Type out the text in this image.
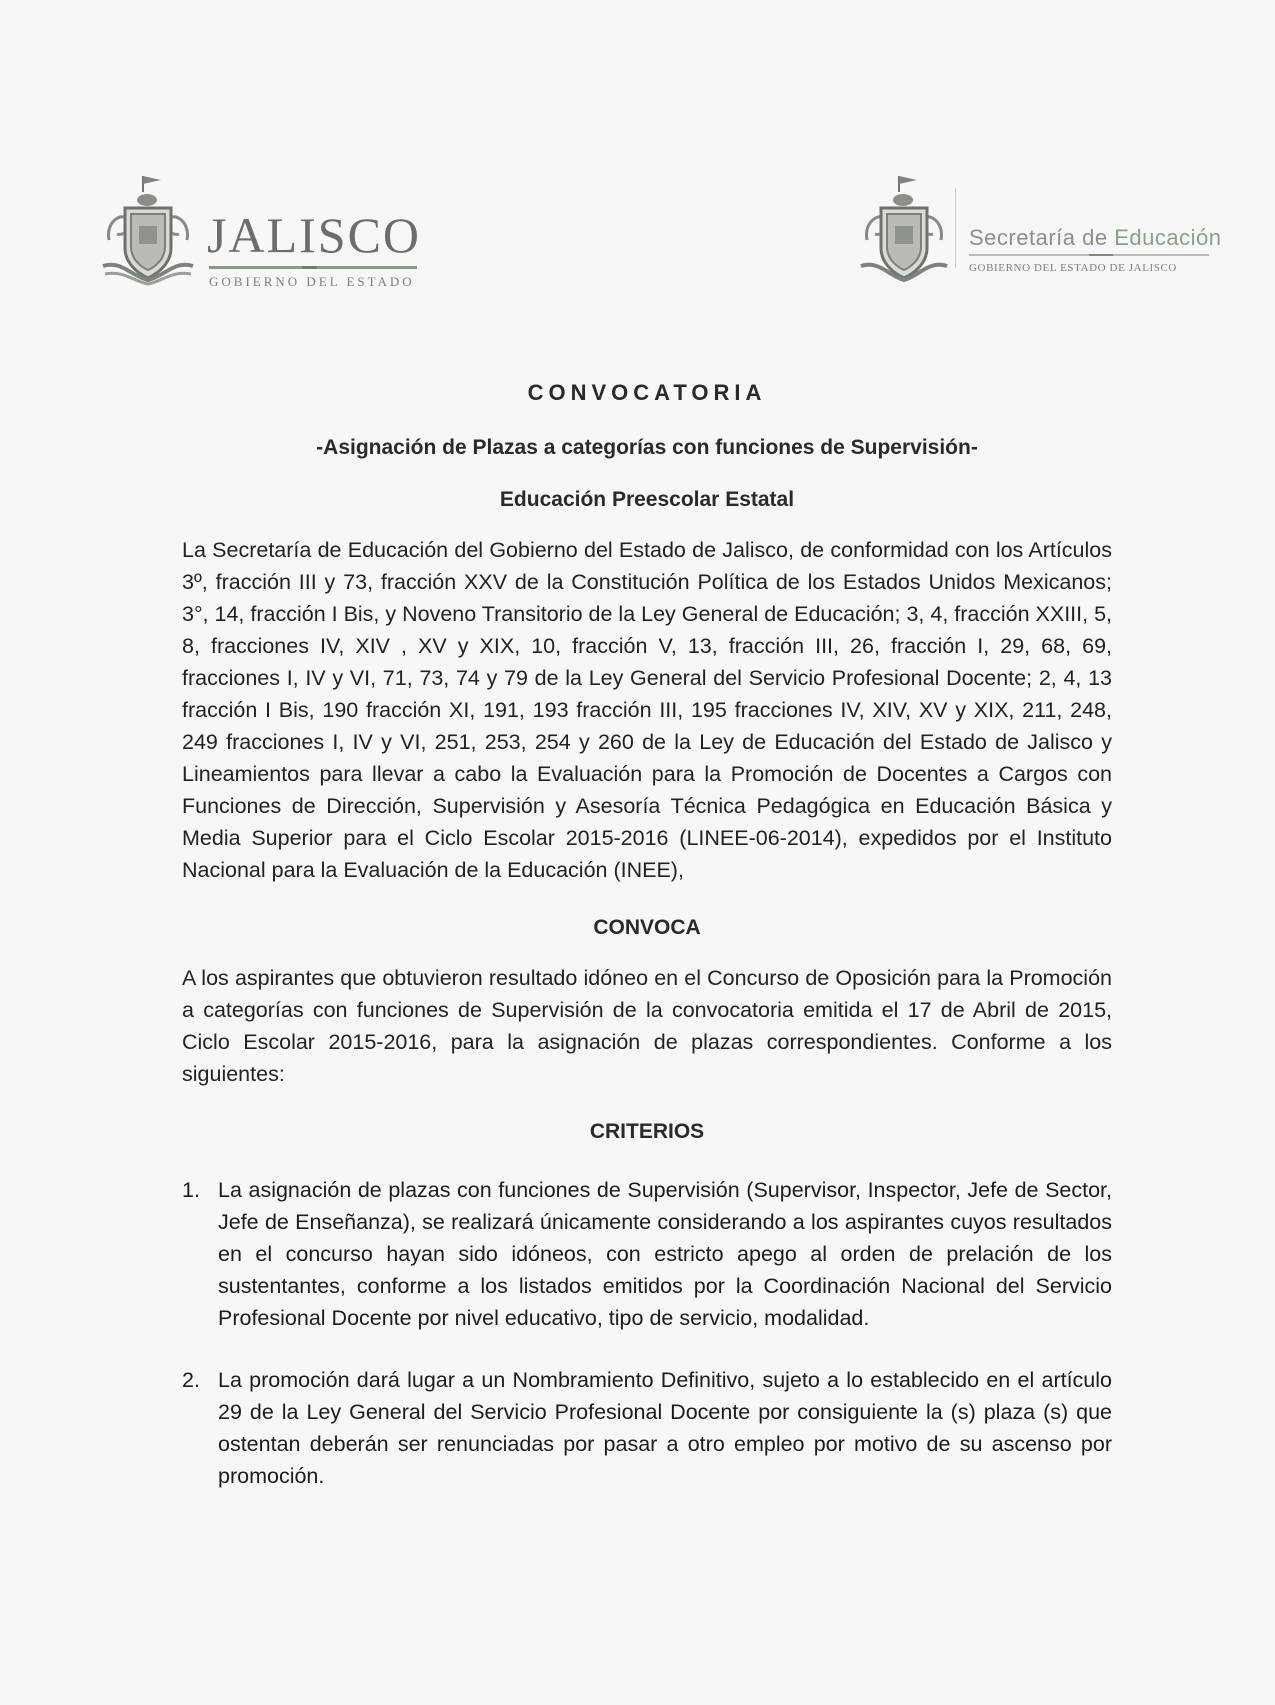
JALISCO
GOBIERNO DEL ESTADO
Secretaría de Educación
GOBIERNO DEL ESTADO DE JALISCO

CONVOCATORIA

-Asignación de Plazas a categorías con funciones de Supervisión-

Educación Preescolar Estatal

La Secretaría de Educación del Gobierno del Estado de Jalisco, de conformidad con los Artículos 3º, fracción III y 73, fracción XXV de la Constitución Política de los Estados Unidos Mexicanos; 3°, 14, fracción I Bis, y Noveno Transitorio de la Ley General de Educación; 3, 4, fracción XXIII, 5, 8, fracciones IV, XIV , XV y XIX, 10, fracción V, 13, fracción III, 26, fracción I, 29, 68, 69, fracciones I, IV y VI, 71, 73, 74 y 79 de la Ley General del Servicio Profesional Docente; 2, 4, 13 fracción I Bis, 190 fracción XI, 191, 193 fracción III, 195 fracciones IV, XIV, XV y XIX, 211, 248, 249 fracciones I, IV y VI, 251, 253, 254 y 260 de la Ley de Educación del Estado de Jalisco y Lineamientos para llevar a cabo la Evaluación para la Promoción de Docentes a Cargos con Funciones de Dirección, Supervisión y Asesoría Técnica Pedagógica en Educación Básica y Media Superior para el Ciclo Escolar 2015-2016 (LINEE-06-2014), expedidos por el Instituto Nacional para la Evaluación de la Educación (INEE),

CONVOCA

A los aspirantes que obtuvieron resultado idóneo en el Concurso de Oposición para la Promoción a categorías con funciones de Supervisión de la convocatoria emitida el 17 de Abril de 2015, Ciclo Escolar 2015-2016, para la asignación de plazas correspondientes. Conforme a los siguientes:

CRITERIOS

1. La asignación de plazas con funciones de Supervisión (Supervisor, Inspector, Jefe de Sector, Jefe de Enseñanza), se realizará únicamente considerando a los aspirantes cuyos resultados en el concurso hayan sido idóneos, con estricto apego al orden de prelación de los sustentantes, conforme a los listados emitidos por la Coordinación Nacional del Servicio Profesional Docente por nivel educativo, tipo de servicio, modalidad.
2. La promoción dará lugar a un Nombramiento Definitivo, sujeto a lo establecido en el artículo 29 de la Ley General del Servicio Profesional Docente por consiguiente la (s) plaza (s) que ostentan deberán ser renunciadas por pasar a otro empleo por motivo de su ascenso por promoción.
